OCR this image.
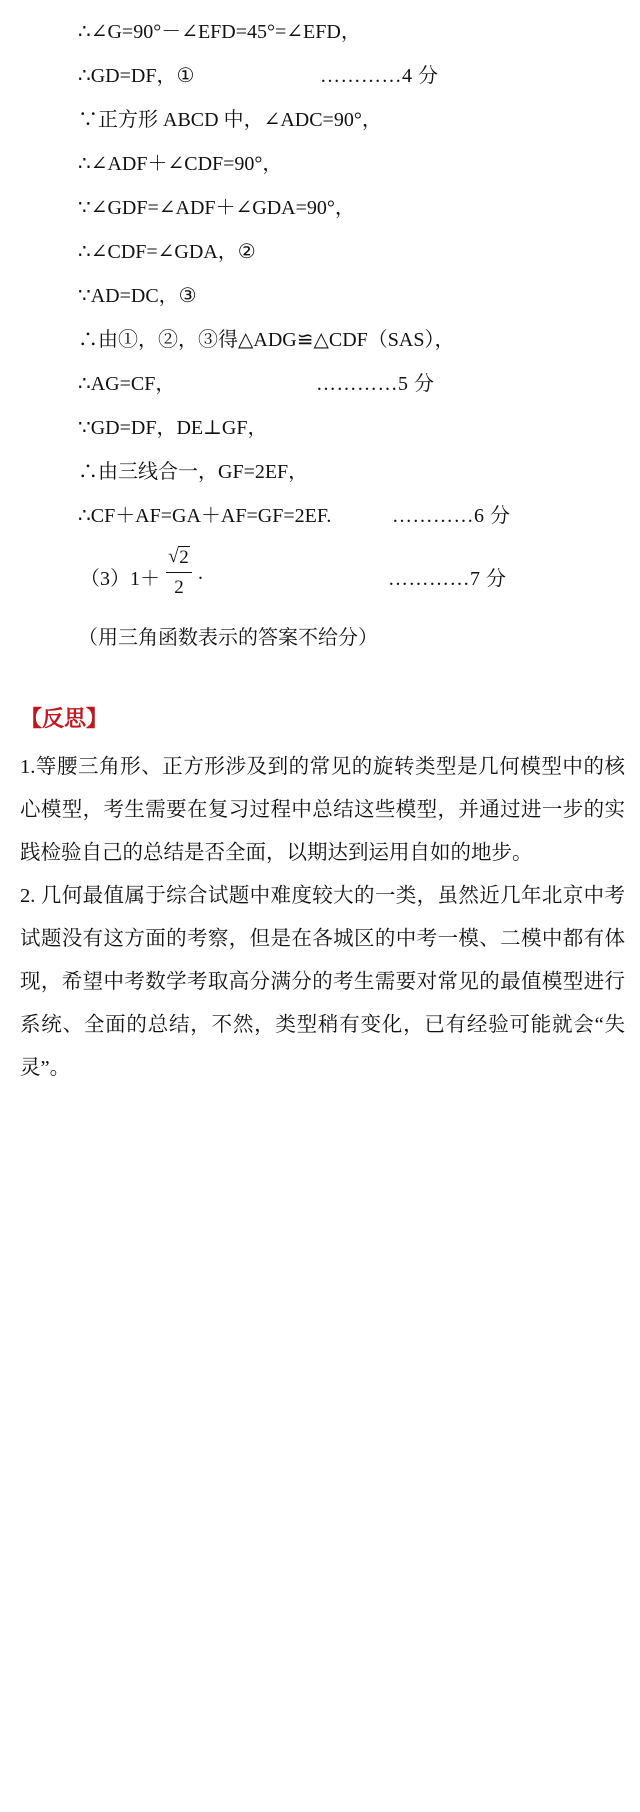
∴∠G=90°－∠EFD=45°=∠EFD，
∴GD=DF，①	…………4 分
∵正方形 ABCD 中，∠ADC=90°，
∴∠ADF＋∠CDF=90°，
∵∠GDF=∠ADF＋∠GDA=90°，
∴∠CDF=∠GDA，②
∵AD=DC，③
∴由①，②，③得△ADG≌△CDF（SAS），
∴AG=CF，	…………5 分
∵GD=DF，DE⊥GF，
∴由三线合一，GF=2EF，
∴CF＋AF=GA＋AF=GF=2EF.	…………6 分
（3） 1＋
√ 2
2
.	…………7 分
（用三角函数表示的答案不给分）
【反思】

1.等腰三角形、正方形涉及到的常见的旋转类型是几何模型中的核心模型，考生需要在复习过程中总结这些模型，并通过进一步的实践检验自己的总结是否全面，以期达到运用自如的地步。

2. 几何最值属于综合试题中难度较大的一类，虽然近几年北京中考试题没有这方面的考察，但是在各城区的中考一模、二模中都有体现，希望中考数学考取高分满分的考生需要对常见的最值模型进行系统、全面的总结，不然，类型稍有变化，已有经验可能就会“失灵”。
